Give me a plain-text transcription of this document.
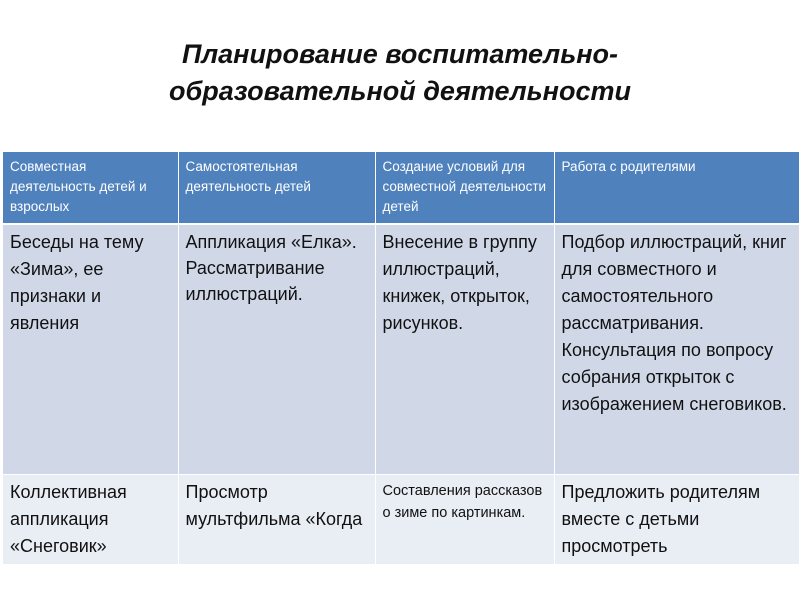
Планирование воспитательно-
образовательной деятельности
Совместная деятельность детей и взрослых	Самостоятельная деятельность детей	Создание условий для совместной деятельности детей	Работа с родителями
Беседы на тему «Зима», ее признаки и явления	Аппликация «Елка». Рассматривание иллюстраций.	Внесение в группу иллюстраций, книжек, открыток, рисунков.	Подбор иллюстраций, книг для совместного и самостоятельного рассматривания. Консультация по вопросу собрания открыток с изображением снеговиков.
Коллективная аппликация «Снеговик»	Просмотр мультфильма «Когда	Составления рассказов о зиме по картинкам.	Предложить родителям вместе с детьми просмотреть
